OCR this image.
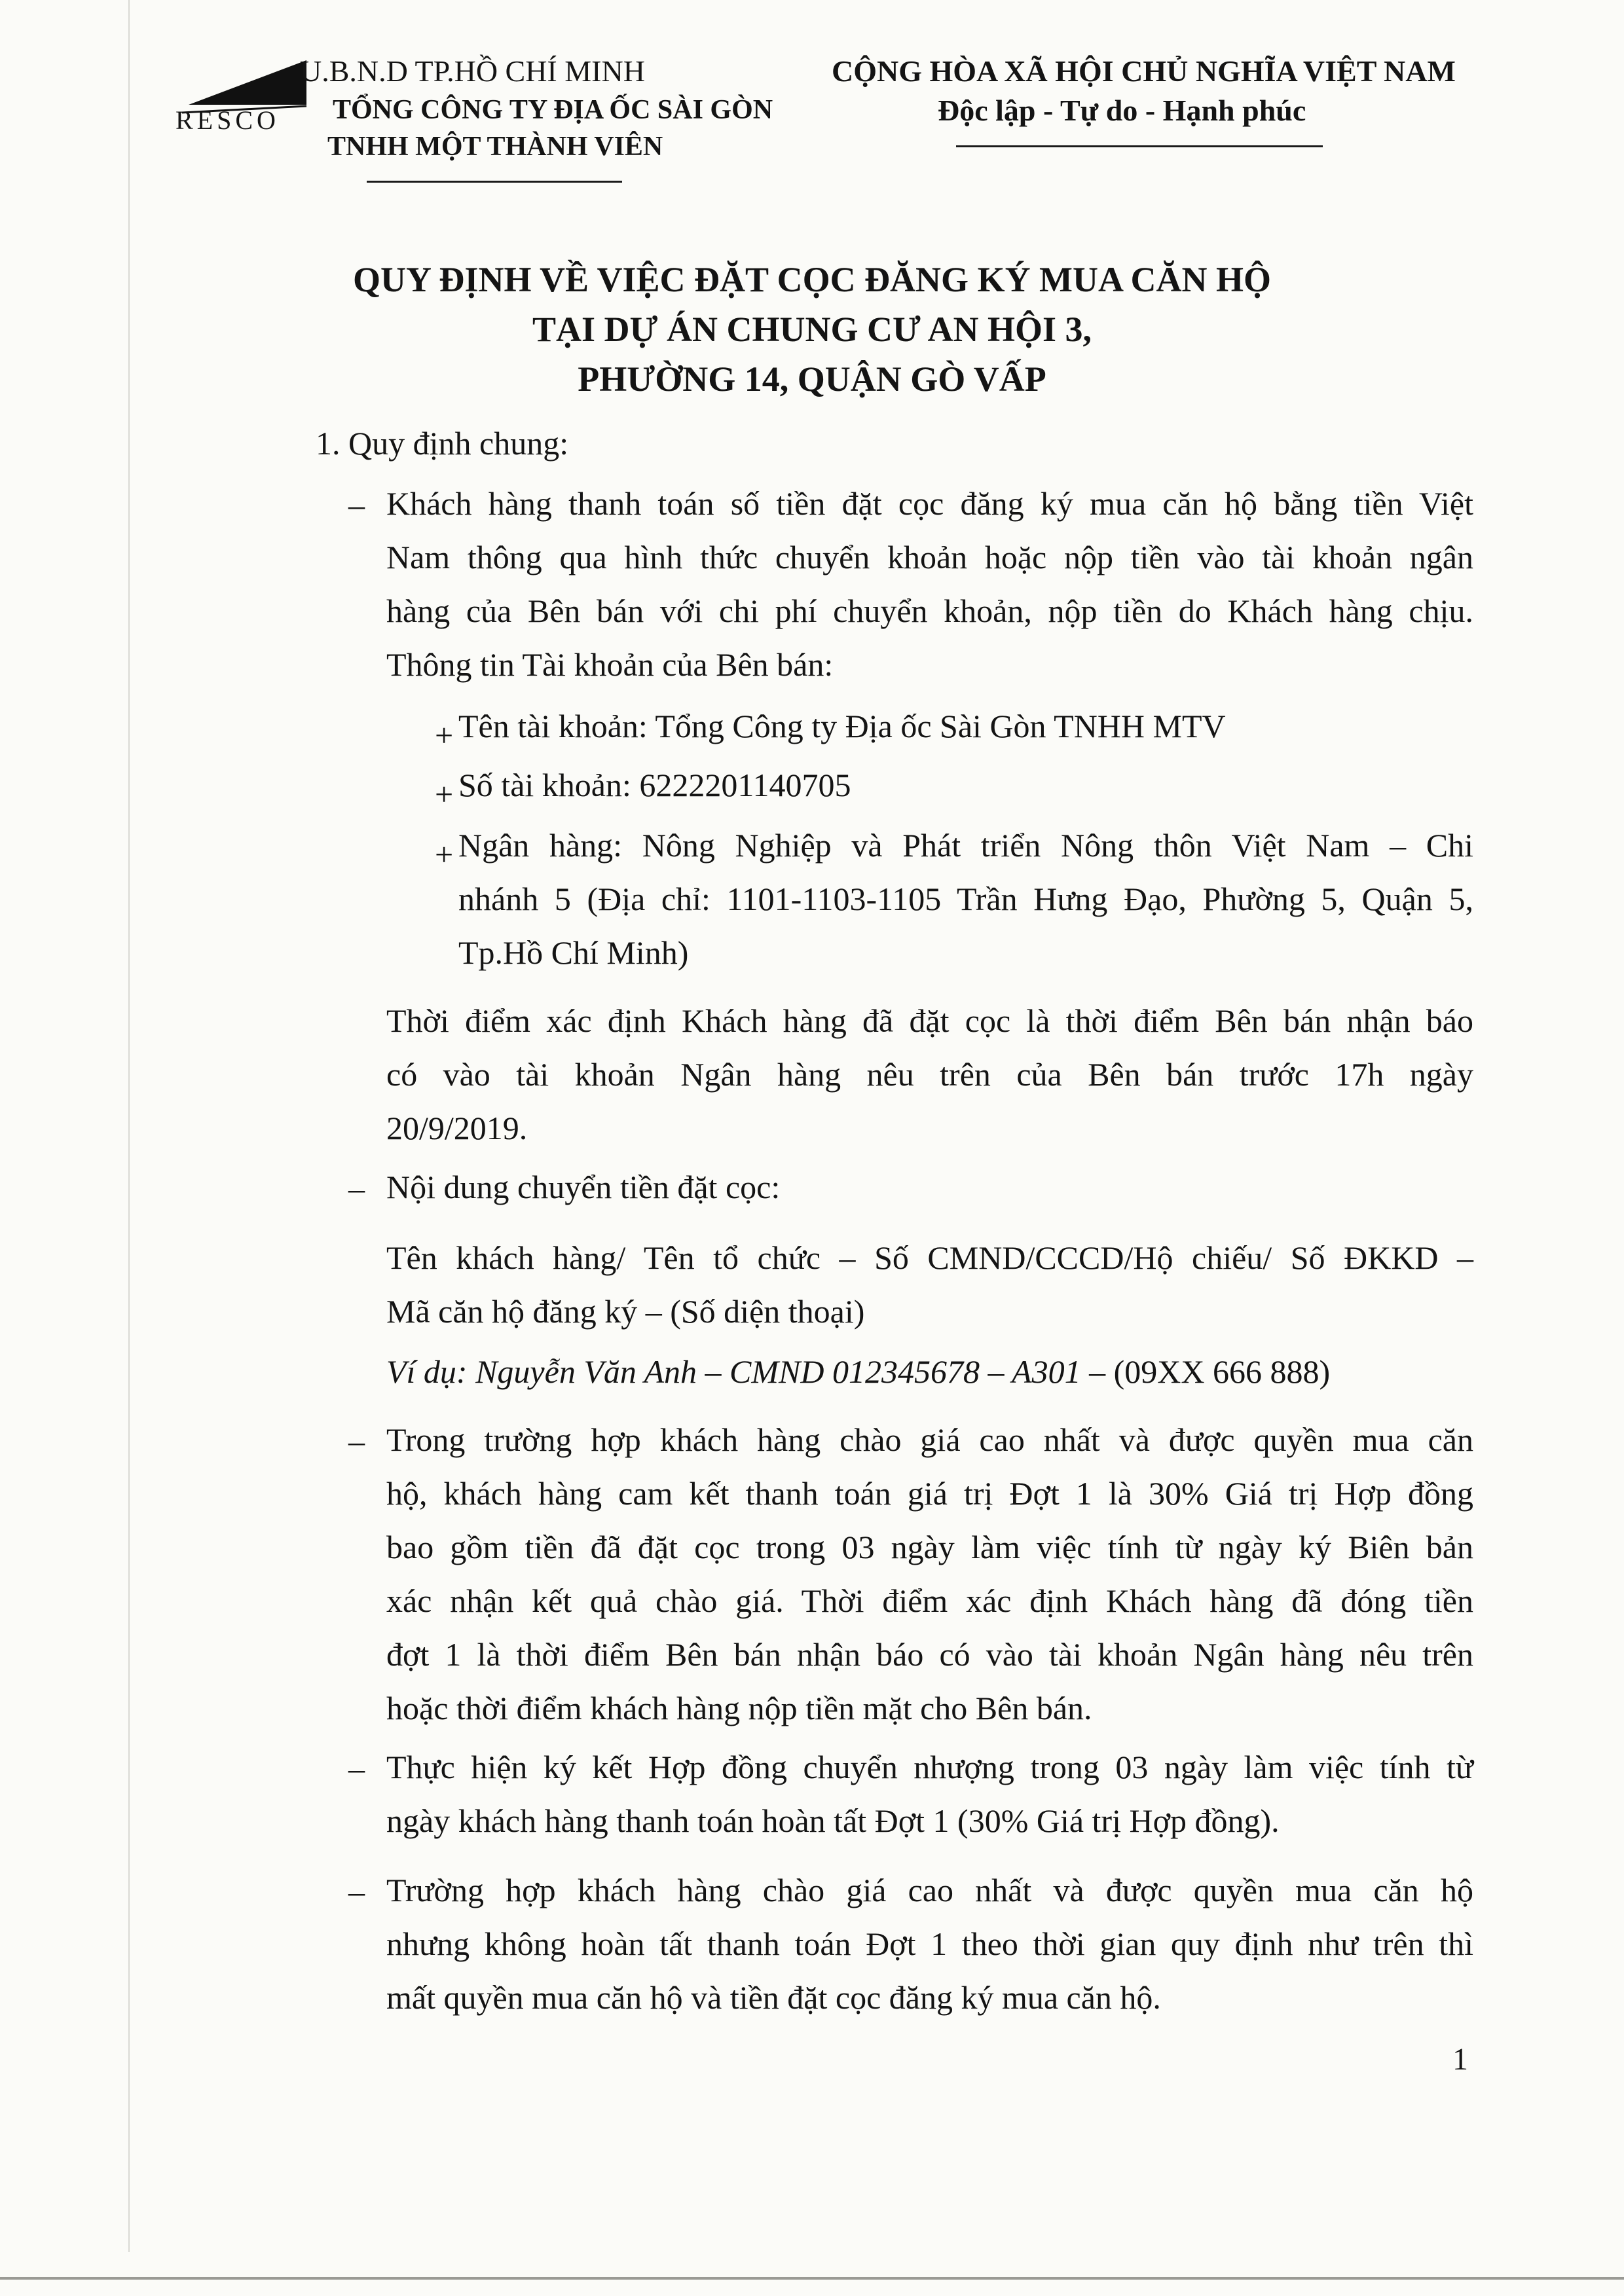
U.B.N.D TP.HỒ CHÍ MINH
RESCO TỔNG CÔNG TY ĐỊA ỐC SÀI GÒN
TNHH MỘT THÀNH VIÊN
CỘNG HÒA XÃ HỘI CHỦ NGHĨA VIỆT NAM
Độc lập - Tự do - Hạnh phúc
QUY ĐỊNH VỀ VIỆC ĐẶT CỌC ĐĂNG KÝ MUA CĂN HỘ
TẠI DỰ ÁN CHUNG CƯ AN HỘI 3,
PHƯỜNG 14, QUẬN GÒ VẤP
1. Quy định chung:
– Khách hàng thanh toán số tiền đặt cọc đăng ký mua căn hộ bằng tiền Việt
Nam thông qua hình thức chuyển khoản hoặc nộp tiền vào tài khoản ngân
hàng của Bên bán với chi phí chuyển khoản, nộp tiền do Khách hàng chịu.
Thông tin Tài khoản của Bên bán:
+ Tên tài khoản: Tổng Công ty Địa ốc Sài Gòn TNHH MTV
+ Số tài khoản: 6222201140705
+ Ngân hàng: Nông Nghiệp và Phát triển Nông thôn Việt Nam – Chi
nhánh 5 (Địa chỉ: 1101-1103-1105 Trần Hưng Đạo, Phường 5, Quận 5,
Tp.Hồ Chí Minh)
Thời điểm xác định Khách hàng đã đặt cọc là thời điểm Bên bán nhận báo
có vào tài khoản Ngân hàng nêu trên của Bên bán trước 17h ngày
20/9/2019.
– Nội dung chuyển tiền đặt cọc:
Tên khách hàng/ Tên tổ chức – Số CMND/CCCD/Hộ chiếu/ Số ĐKKD –
Mã căn hộ đăng ký – (Số diện thoại)
Ví dụ: Nguyễn Văn Anh – CMND 012345678 – A301 – (09XX 666 888)
– Trong trường hợp khách hàng chào giá cao nhất và được quyền mua căn
hộ, khách hàng cam kết thanh toán giá trị Đợt 1 là 30% Giá trị Hợp đồng
bao gồm tiền đã đặt cọc trong 03 ngày làm việc tính từ ngày ký Biên bản
xác nhận kết quả chào giá. Thời điểm xác định Khách hàng đã đóng tiền
đợt 1 là thời điểm Bên bán nhận báo có vào tài khoản Ngân hàng nêu trên
hoặc thời điểm khách hàng nộp tiền mặt cho Bên bán.
– Thực hiện ký kết Hợp đồng chuyển nhượng trong 03 ngày làm việc tính từ
ngày khách hàng thanh toán hoàn tất Đợt 1 (30% Giá trị Hợp đồng).
– Trường hợp khách hàng chào giá cao nhất và được quyền mua căn hộ
nhưng không hoàn tất thanh toán Đợt 1 theo thời gian quy định như trên thì
mất quyền mua căn hộ và tiền đặt cọc đăng ký mua căn hộ.
1
